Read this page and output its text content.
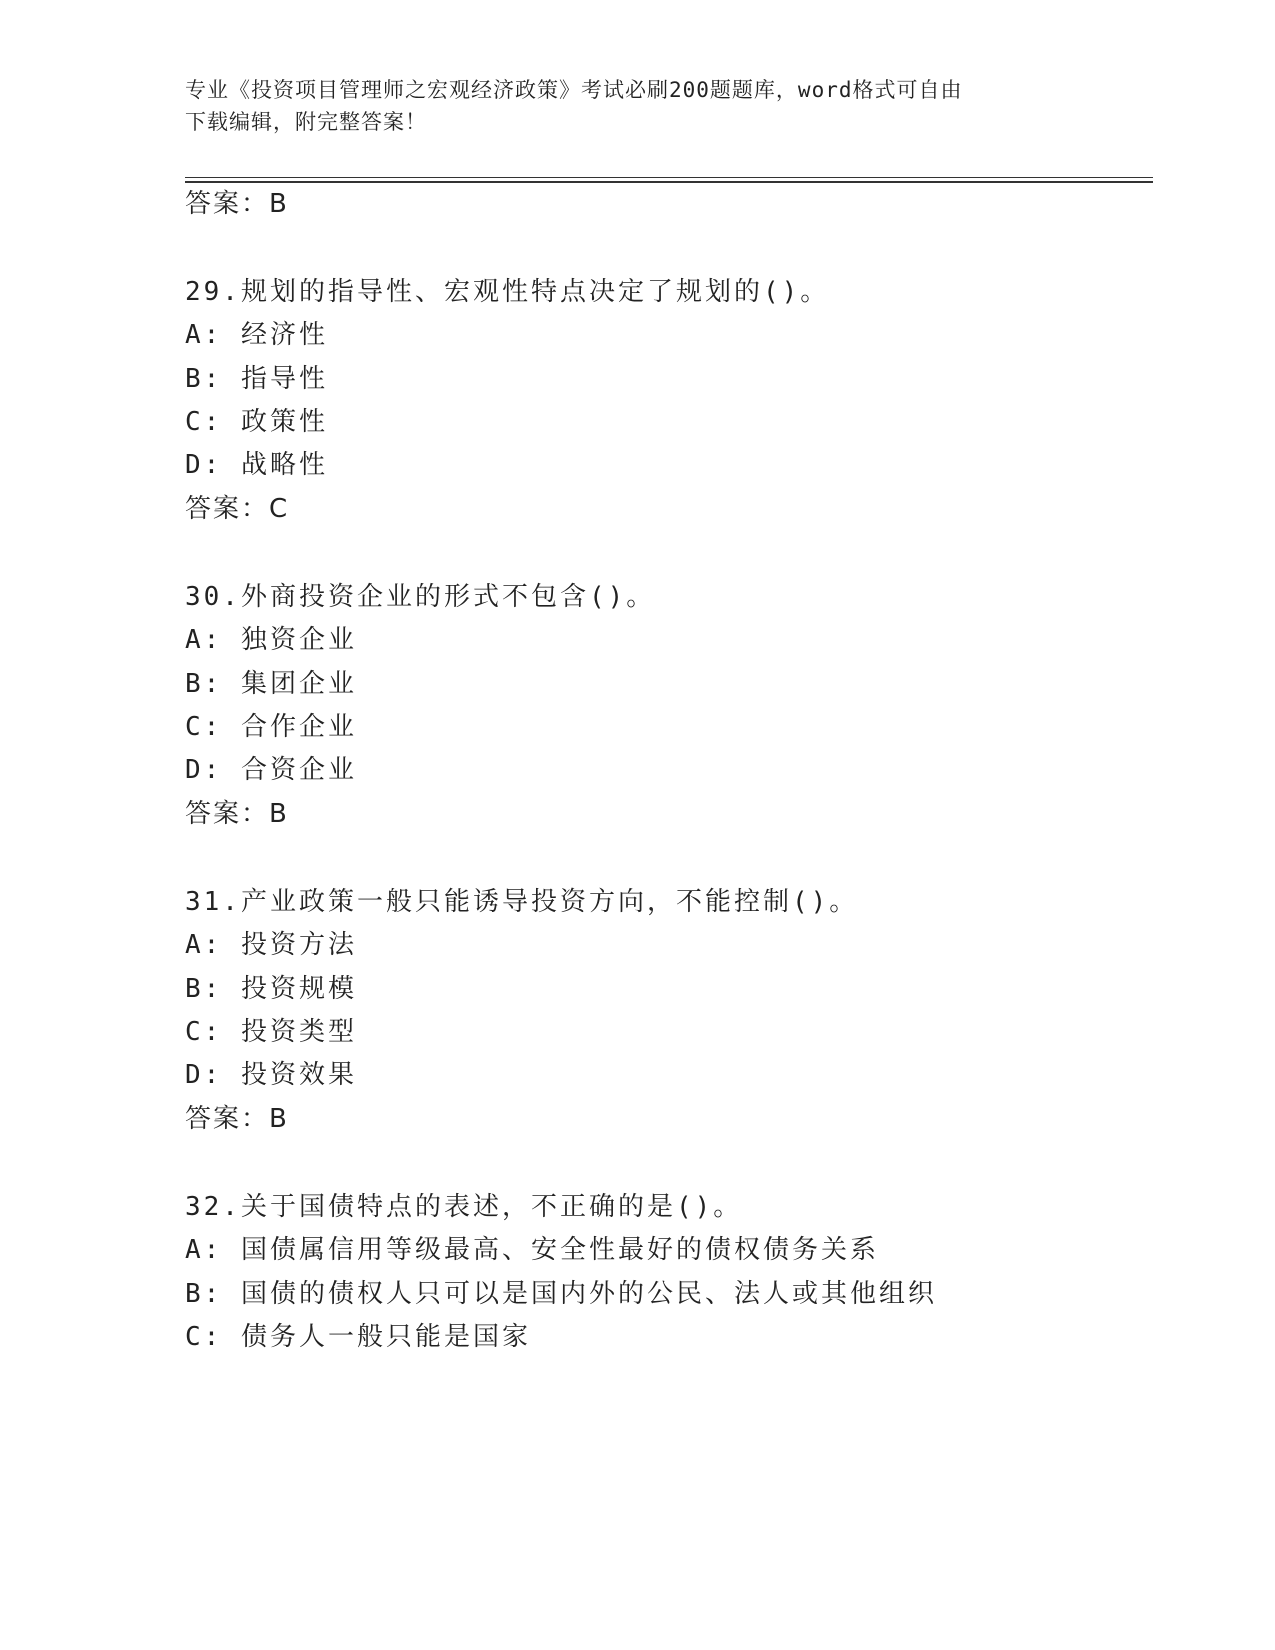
专业《投资项目管理师之宏观经济政策》考试必刷200题题库，word格式可自由
下载编辑，附完整答案！
答案：B
29.规划的指导性、宏观性特点决定了规划的()。
A: 经济性
B: 指导性
C: 政策性
D: 战略性
答案：C
30.外商投资企业的形式不包含()。
A: 独资企业
B: 集团企业
C: 合作企业
D: 合资企业
答案：B
31.产业政策一般只能诱导投资方向，不能控制()。
A: 投资方法
B: 投资规模
C: 投资类型
D: 投资效果
答案：B
32.关于国债特点的表述，不正确的是()。
A: 国债属信用等级最高、安全性最好的债权债务关系
B: 国债的债权人只可以是国内外的公民、法人或其他组织
C: 债务人一般只能是国家
